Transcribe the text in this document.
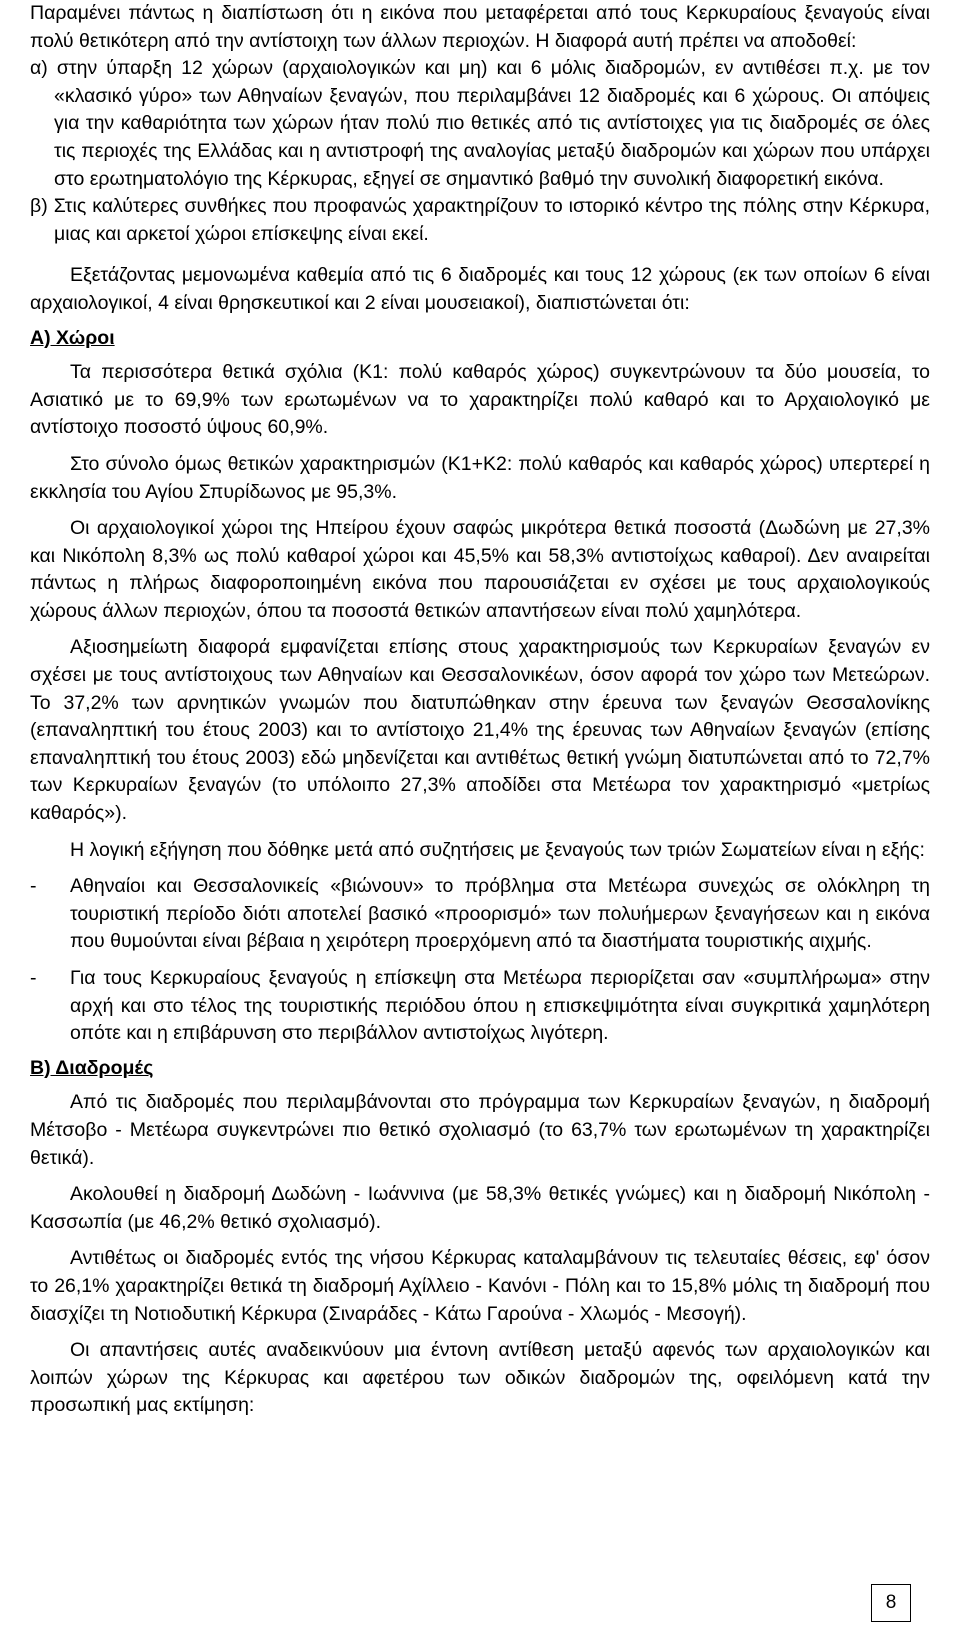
Παραμένει πάντως η διαπίστωση ότι η εικόνα που μεταφέρεται από τους Κερκυραίους ξεναγούς είναι πολύ θετικότερη από την αντίστοιχη των άλλων περιοχών. Η διαφορά αυτή πρέπει να αποδοθεί:

α) στην ύπαρξη 12 χώρων (αρχαιολογικών και μη) και 6 μόλις διαδρομών, εν αντιθέσει π.χ. με τον «κλασικό γύρο» των Αθηναίων ξεναγών, που περιλαμβάνει 12 διαδρομές και 6 χώρους. Οι απόψεις για την καθαριότητα των χώρων ήταν πολύ πιο θετικές από τις αντίστοιχες για τις διαδρομές σε όλες τις περιοχές της Ελλάδας και η αντιστροφή της αναλογίας μεταξύ διαδρομών και χώρων που υπάρχει στο ερωτηματολόγιο της Κέρκυρας, εξηγεί σε σημαντικό βαθμό την συνολική διαφορετική εικόνα.

β) Στις καλύτερες συνθήκες που προφανώς χαρακτηρίζουν το ιστορικό κέντρο της πόλης στην Κέρκυρα, μιας και αρκετοί χώροι επίσκεψης είναι εκεί.

Εξετάζοντας μεμονωμένα καθεμία από τις 6 διαδρομές και τους 12 χώρους (εκ των οποίων 6 είναι αρχαιολογικοί, 4 είναι θρησκευτικοί και 2 είναι μουσειακοί), διαπιστώνεται ότι:

Α) Χώροι

Τα περισσότερα θετικά σχόλια (Κ1: πολύ καθαρός χώρος) συγκεντρώνουν τα δύο μουσεία, το Ασιατικό με το 69,9% των ερωτωμένων να το χαρακτηρίζει πολύ καθαρό και το Αρχαιολογικό με αντίστοιχο ποσοστό ύψους 60,9%.

Στο σύνολο όμως θετικών χαρακτηρισμών (Κ1+Κ2: πολύ καθαρός και καθαρός χώρος) υπερτερεί η εκκλησία του Αγίου Σπυρίδωνος με 95,3%.

Οι αρχαιολογικοί χώροι της Ηπείρου έχουν σαφώς μικρότερα θετικά ποσοστά (Δωδώνη με 27,3% και Νικόπολη 8,3% ως πολύ καθαροί χώροι και 45,5% και 58,3% αντιστοίχως καθαροί). Δεν αναιρείται πάντως η πλήρως διαφοροποιημένη εικόνα που παρουσιάζεται εν σχέσει με τους αρχαιολογικούς χώρους άλλων περιοχών, όπου τα ποσοστά θετικών απαντήσεων είναι πολύ χαμηλότερα.

Αξιοσημείωτη διαφορά εμφανίζεται επίσης στους χαρακτηρισμούς των Κερκυραίων ξεναγών εν σχέσει με τους αντίστοιχους των Αθηναίων και Θεσσαλονικέων, όσον αφορά τον χώρο των Μετεώρων. Το 37,2% των αρνητικών γνωμών που διατυπώθηκαν στην έρευνα των ξεναγών Θεσσαλονίκης (επαναληπτική του έτους 2003) και το αντίστοιχο 21,4% της έρευνας των Αθηναίων ξεναγών (επίσης επαναληπτική του έτους 2003) εδώ μηδενίζεται και αντιθέτως θετική γνώμη διατυπώνεται από το 72,7% των Κερκυραίων ξεναγών (το υπόλοιπο 27,3% αποδίδει στα Μετέωρα τον χαρακτηρισμό «μετρίως καθαρός»).

Η λογική εξήγηση που δόθηκε μετά από συζητήσεις με ξεναγούς των τριών Σωματείων είναι η εξής:

-	Αθηναίοι και Θεσσαλονικείς «βιώνουν» το πρόβλημα στα Μετέωρα συνεχώς σε ολόκληρη τη τουριστική περίοδο διότι αποτελεί βασικό «προορισμό» των πολυήμερων ξεναγήσεων και η εικόνα που θυμούνται είναι βέβαια η χειρότερη προερχόμενη από τα διαστήματα τουριστικής αιχμής.
-	Για τους Κερκυραίους ξεναγούς η επίσκεψη στα Μετέωρα περιορίζεται σαν «συμπλήρωμα» στην αρχή και στο τέλος της τουριστικής περιόδου όπου η επισκεψιμότητα είναι συγκριτικά χαμηλότερη οπότε και η επιβάρυνση στο περιβάλλον αντιστοίχως λιγότερη.
Β) Διαδρομές

Από τις διαδρομές που περιλαμβάνονται στο πρόγραμμα των Κερκυραίων ξεναγών, η διαδρομή Μέτσοβο - Μετέωρα συγκεντρώνει πιο θετικό σχολιασμό (το 63,7% των ερωτωμένων τη χαρακτηρίζει θετικά).

Ακολουθεί η διαδρομή Δωδώνη - Ιωάννινα (με 58,3% θετικές γνώμες) και η διαδρομή Νικόπολη - Κασσωπία (με 46,2% θετικό σχολιασμό).

Αντιθέτως οι διαδρομές εντός της νήσου Κέρκυρας καταλαμβάνουν τις τελευταίες θέσεις, εφ' όσον το 26,1% χαρακτηρίζει θετικά τη διαδρομή Αχίλλειο - Κανόνι - Πόλη και το 15,8% μόλις τη διαδρομή που διασχίζει τη Νοτιοδυτική Κέρκυρα (Σιναράδες - Κάτω Γαρούνα - Χλωμός - Μεσογή).

Οι απαντήσεις αυτές αναδεικνύουν μια έντονη αντίθεση μεταξύ αφενός των αρχαιολογικών και λοιπών χώρων της Κέρκυρας και αφετέρου των οδικών διαδρομών της, οφειλόμενη κατά την προσωπική μας εκτίμηση:

8
